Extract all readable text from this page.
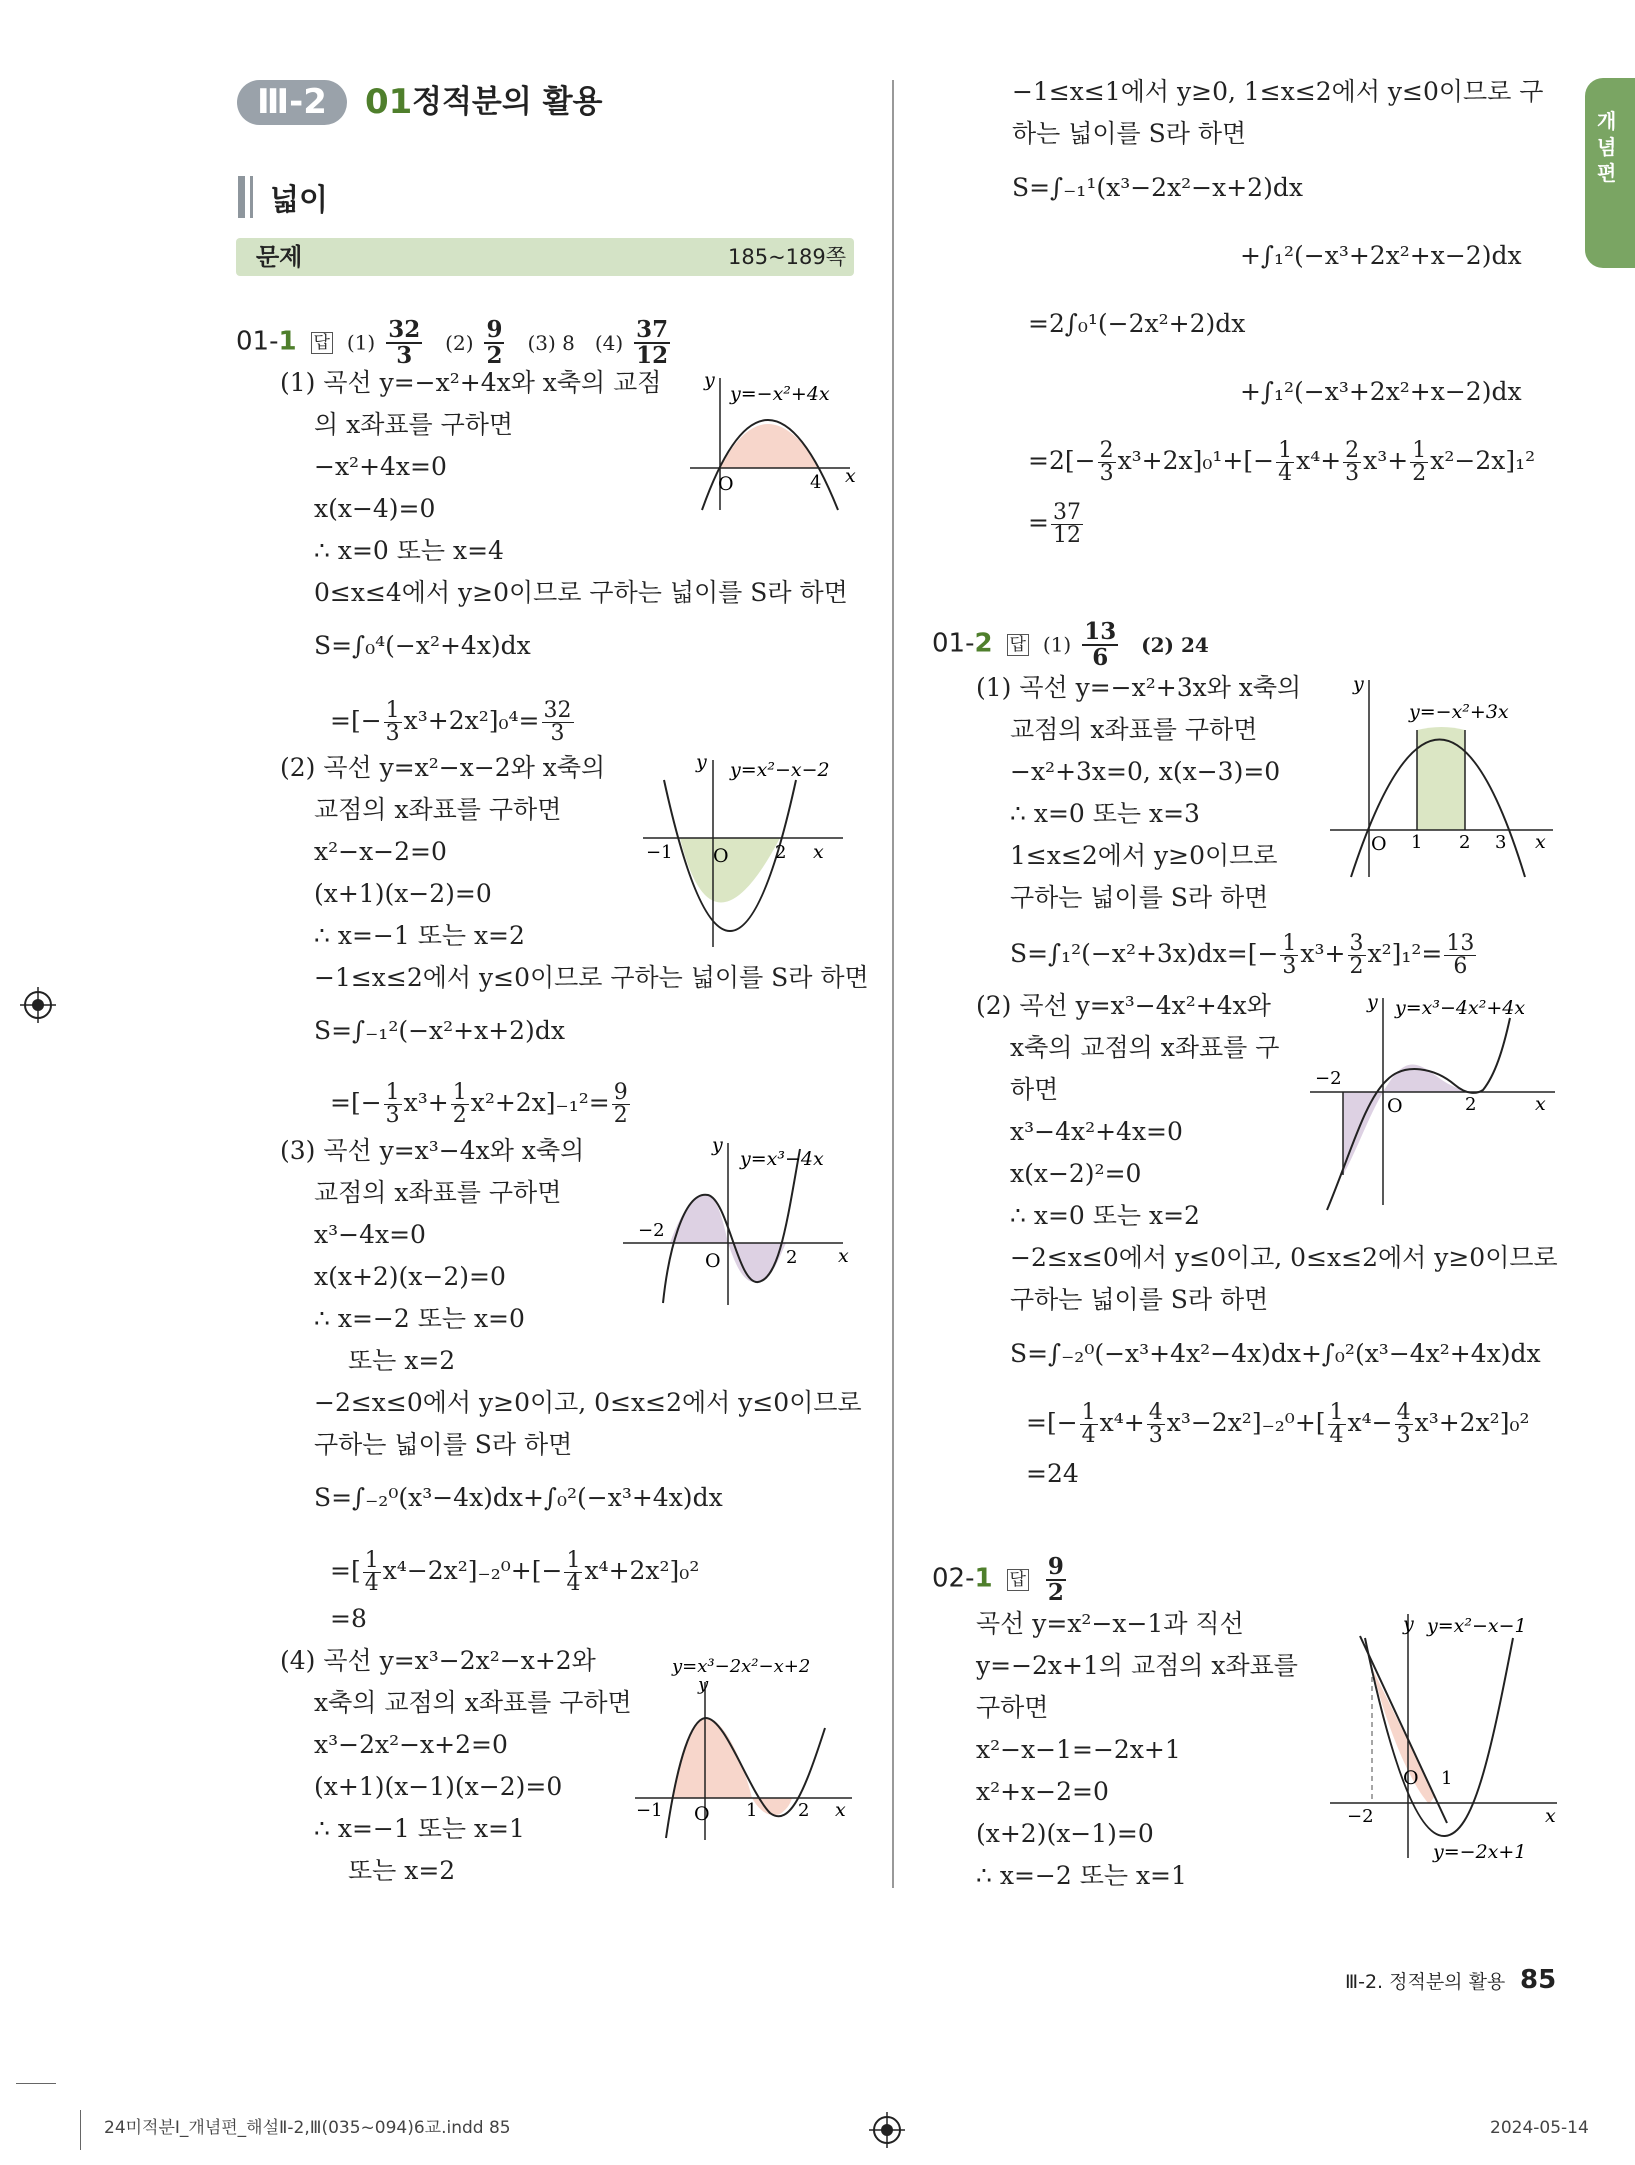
Ⅲ-2	01 정적분의 활용
넓이
문제	185~189쪽
개념편
01-1 답 $(1) \frac{32}{3} (2) \frac{9}{2} (3)$ 8 $(4) \frac{37}{12}$
(1) 곡선 y=−x²+4x와 x축의 교점
의 x좌표를 구하면
−x²+4x=0
x(x−4)=0
∴ x=0 또는 x=4
0≤x≤4에서 y≥0이므로 구하는 넓이를 S라 하면
S=∫₀⁴(−x²+4x)dx
=[− $\frac{1}{3} x^3+2x^2]_0^4= \frac{32}{3}$
y
x
O	4
y=−x²+4x
(2) 곡선 y=x²−x−2와 x축의
교점의 x좌표를 구하면
x²−x−2=0
(x+1)(x−2)=0
∴ x=−1 또는 x=2
−1≤x≤2에서 y≤0이므로 구하는 넓이를 S라 하면
S=∫₋₁²(−x²+x+2)dx
=[− $\frac{1}{3} x^3+ \frac{1}{2} x^2+2x]_{-1}^2= \frac{9}{2}$
y
x
O
−1	2
y=x²−x−2
(3) 곡선 y=x³−4x와 x축의
교점의 x좌표를 구하면
x³−4x=0
x(x+2)(x−2)=0
∴ x=−2 또는 x=0
또는 x=2
−2≤x≤0에서 y≥0이고, 0≤x≤2에서 y≤0이므로
구하는 넓이를 S라 하면
S=∫₋₂⁰(x³−4x)dx+∫₀²(−x³+4x)dx
=[ $\frac{1}{4} x^4-2x^2]_{-2}^0+[- \frac{1}{4} x^4+2x^2]_0^2$
=8
y
x
O
−2
2
y=x³−4x
(4) 곡선 y=x³−2x²−x+2와
x축의 교점의 x좌표를 구하면
x³−2x²−x+2=0
(x+1)(x−1)(x−2)=0
∴ x=−1 또는 x=1
또는 x=2
y
x
O
−1	1 2
y=x³−2x²−x+2
−1≤x≤1에서 y≥0, 1≤x≤2에서 y≤0이므로 구
하는 넓이를 S라 하면
S=∫₋₁¹(x³−2x²−x+2)dx
+∫₁²(−x³+2x²+x−2)dx
=2∫₀¹(−2x²+2)dx
+∫₁²(−x³+2x²+x−2)dx
$=2[- \frac{2}{3} x^3+2x]_0^1+[- \frac{1}{4} x^4+ \frac{2}{3} x^3+ \frac{1}{2} x^2-2x]_1^2$
= $\frac{37}{12}$
01-2 답 $(1) \frac{13}{6} (2)$ 24
(1) 곡선 y=−x²+3x와 x축의
교점의 x좌표를 구하면
−x²+3x=0, x(x−3)=0
∴ x=0 또는 x=3
1≤x≤2에서 y≥0이므로
구하는 넓이를 S라 하면
$S=\int_1^2(-x^2+3x)dx=[- \frac{1}{3} x^3+ \frac{3}{2} x^2]_1^2= \frac{13}{6}$
y
x
O 1 2 3
y=−x²+3x
(2) 곡선 y=x³−4x²+4x와
x축의 교점의 x좌표를 구
하면
x³−4x²+4x=0
x(x−2)²=0
∴ x=0 또는 x=2
−2≤x≤0에서 y≤0이고, 0≤x≤2에서 y≥0이므로
구하는 넓이를 S라 하면
S=∫₋₂⁰(−x³+4x²−4x)dx+∫₀²(x³−4x²+4x)dx
=[− $\frac{1}{4} x^4+ \frac{4}{3} x^3-2x^2]_{-2}^0+[ \frac{1}{4} x^4- \frac{4}{3} x^3+2x^2]_0^2$
=24
y
x
O
−2
2
y=x³−4x²+4x
02-1 답 $\frac{9}{2}$
곡선 y=x²−x−1과 직선
y=−2x+1의 교점의 x좌표를
구하면
x²−x−1=−2x+1
x²+x−2=0
(x+2)(x−1)=0
∴ x=−2 또는 x=1
y
x
O
−2
1
y=x²−x−1
y=−2x+1
Ⅲ-2. 정적분의 활용 85
24미적분Ⅰ_개념편_해설Ⅱ-2,Ⅲ(035~094)6교.indd 85	2024-05-14
